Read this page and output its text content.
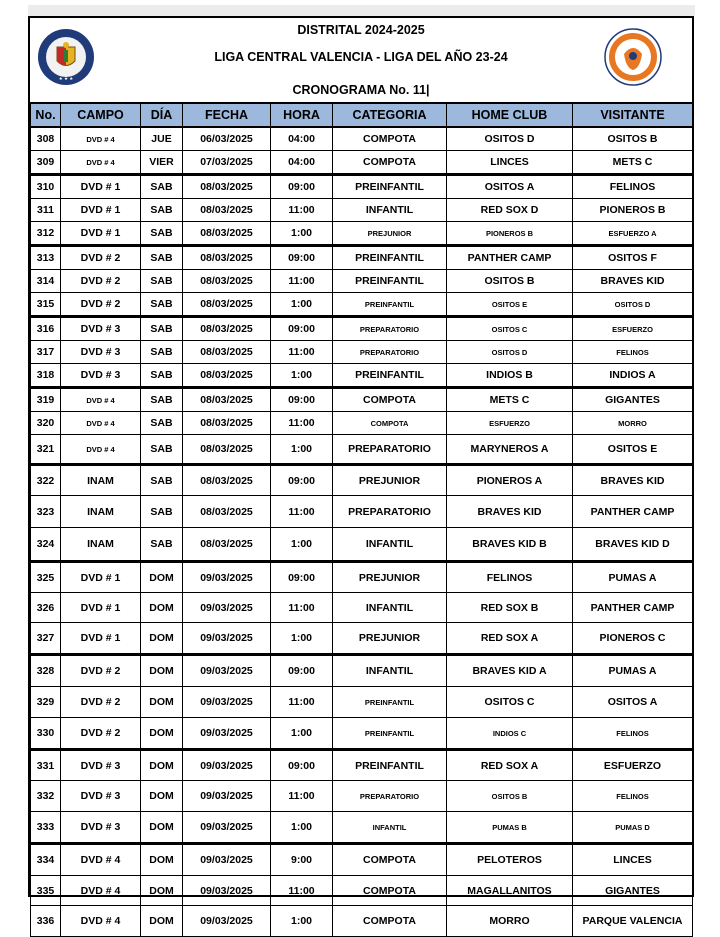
★ ★ ★
DISTRITAL 2024-2025
LIGA CENTRAL VALENCIA - LIGA DEL AÑO 23-24
CRONOGRAMA No. 11|
No.	CAMPO	DÍA	FECHA	HORA	CATEGORIA	HOME CLUB	VISITANTE
308	DVD # 4	JUE	06/03/2025	04:00	COMPOTA	OSITOS D	OSITOS B
309	DVD # 4	VIER	07/03/2025	04:00	COMPOTA	LINCES	METS C
310	DVD # 1	SAB	08/03/2025	09:00	PREINFANTIL	OSITOS A	FELINOS
311	DVD # 1	SAB	08/03/2025	11:00	INFANTIL	RED SOX D	PIONEROS B
312	DVD # 1	SAB	08/03/2025	1:00	PREJUNIOR	PIONEROS B	ESFUERZO A
313	DVD # 2	SAB	08/03/2025	09:00	PREINFANTIL	PANTHER CAMP	OSITOS F
314	DVD # 2	SAB	08/03/2025	11:00	PREINFANTIL	OSITOS B	BRAVES KID
315	DVD # 2	SAB	08/03/2025	1:00	PREINFANTIL	OSITOS E	OSITOS D
316	DVD # 3	SAB	08/03/2025	09:00	PREPARATORIO	OSITOS C	ESFUERZO
317	DVD # 3	SAB	08/03/2025	11:00	PREPARATORIO	OSITOS D	FELINOS
318	DVD # 3	SAB	08/03/2025	1:00	PREINFANTIL	INDIOS B	INDIOS A
319	DVD # 4	SAB	08/03/2025	09:00	COMPOTA	METS C	GIGANTES
320	DVD # 4	SAB	08/03/2025	11:00	COMPOTA	ESFUERZO	MORRO
321	DVD # 4	SAB	08/03/2025	1:00	PREPARATORIO	MARYNEROS A	OSITOS E
322	INAM	SAB	08/03/2025	09:00	PREJUNIOR	PIONEROS A	BRAVES KID
323	INAM	SAB	08/03/2025	11:00	PREPARATORIO	BRAVES KID	PANTHER CAMP
324	INAM	SAB	08/03/2025	1:00	INFANTIL	BRAVES KID B	BRAVES KID D
325	DVD # 1	DOM	09/03/2025	09:00	PREJUNIOR	FELINOS	PUMAS A
326	DVD # 1	DOM	09/03/2025	11:00	INFANTIL	RED SOX B	PANTHER CAMP
327	DVD # 1	DOM	09/03/2025	1:00	PREJUNIOR	RED SOX A	PIONEROS C
328	DVD # 2	DOM	09/03/2025	09:00	INFANTIL	BRAVES KID A	PUMAS A
329	DVD # 2	DOM	09/03/2025	11:00	PREINFANTIL	OSITOS C	OSITOS A
330	DVD # 2	DOM	09/03/2025	1:00	PREINFANTIL	INDIOS C	FELINOS
331	DVD # 3	DOM	09/03/2025	09:00	PREINFANTIL	RED SOX A	ESFUERZO
332	DVD # 3	DOM	09/03/2025	11:00	PREPARATORIO	OSITOS B	FELINOS
333	DVD # 3	DOM	09/03/2025	1:00	INFANTIL	PUMAS B	PUMAS D
334	DVD # 4	DOM	09/03/2025	9:00	COMPOTA	PELOTEROS	LINCES
335	DVD # 4	DOM	09/03/2025	11:00	COMPOTA	MAGALLANITOS	GIGANTES
336	DVD # 4	DOM	09/03/2025	1:00	COMPOTA	MORRO	PARQUE VALENCIA
